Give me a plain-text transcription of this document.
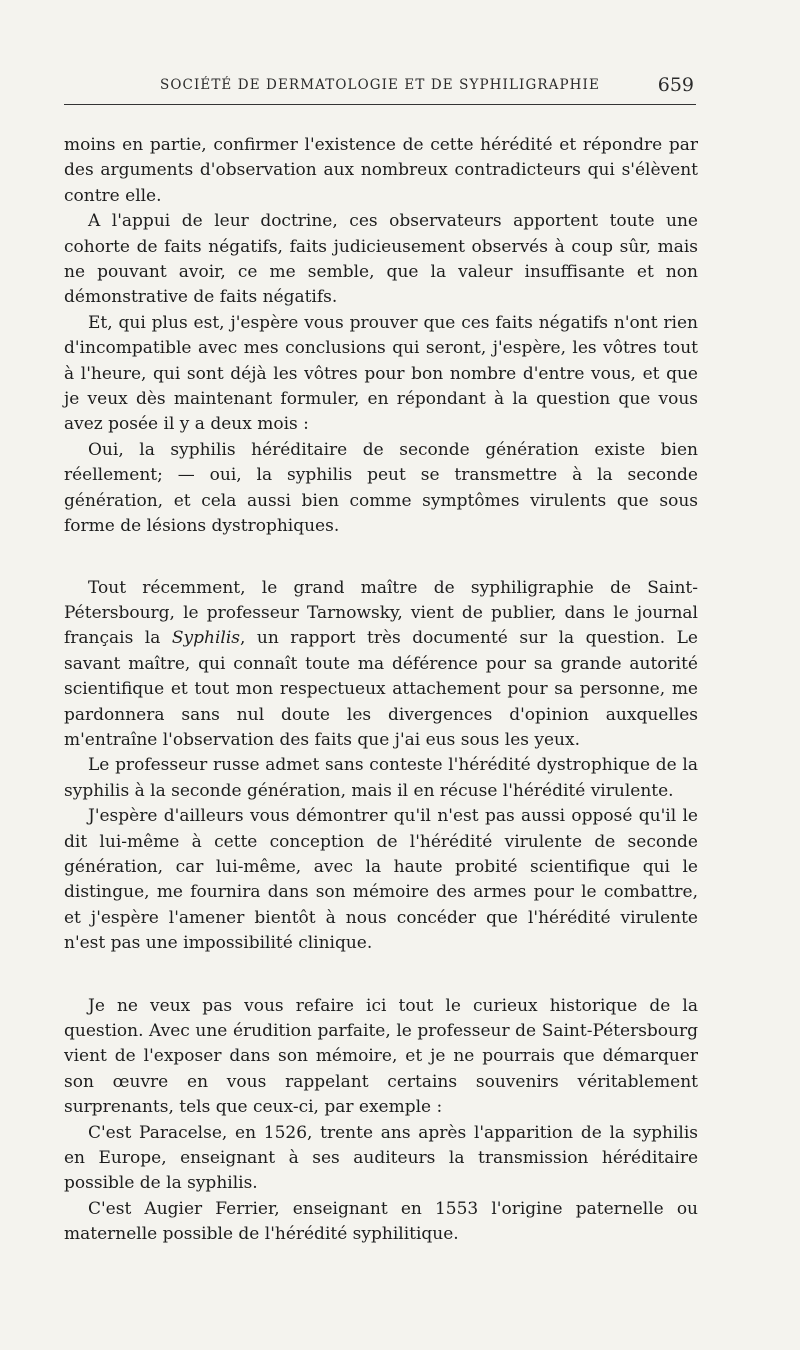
SOCIÉTÉ DE DERMATOLOGIE ET DE SYPHILIGRAPHIE	659

moins en partie, confirmer l'existence de cette hérédité et répondre par des arguments d'observation aux nombreux contradicteurs qui s'élèvent contre elle.

A l'appui de leur doctrine, ces observateurs apportent toute une cohorte de faits négatifs, faits judicieusement observés à coup sûr, mais ne pouvant avoir, ce me semble, que la valeur insuffisante et non démonstrative de faits négatifs.

Et, qui plus est, j'espère vous prouver que ces faits négatifs n'ont rien d'incompatible avec mes conclusions qui seront, j'espère, les vôtres tout à l'heure, qui sont déjà les vôtres pour bon nombre d'entre vous, et que je veux dès maintenant formuler, en répondant à la question que vous avez posée il y a deux mois :

Oui, la syphilis héréditaire de seconde génération existe bien réellement; — oui, la syphilis peut se transmettre à la seconde génération, et cela aussi bien comme symptômes virulents que sous forme de lésions dystrophiques.

Tout récemment, le grand maître de syphiligraphie de Saint-Pétersbourg, le professeur Tarnowsky, vient de publier, dans le journal français la Syphilis, un rapport très documenté sur la question. Le savant maître, qui connaît toute ma déférence pour sa grande autorité scientifique et tout mon respectueux attachement pour sa personne, me pardonnera sans nul doute les divergences d'opinion auxquelles m'entraîne l'observation des faits que j'ai eus sous les yeux.

Le professeur russe admet sans conteste l'hérédité dystrophique de la syphilis à la seconde génération, mais il en récuse l'hérédité virulente.

J'espère d'ailleurs vous démontrer qu'il n'est pas aussi opposé qu'il le dit lui-même à cette conception de l'hérédité virulente de seconde génération, car lui-même, avec la haute probité scientifique qui le distingue, me fournira dans son mémoire des armes pour le combattre, et j'espère l'amener bientôt à nous concéder que l'hérédité virulente n'est pas une impossibilité clinique.

Je ne veux pas vous refaire ici tout le curieux historique de la question. Avec une érudition parfaite, le professeur de Saint-Pétersbourg vient de l'exposer dans son mémoire, et je ne pourrais que démarquer son œuvre en vous rappelant certains souvenirs véritablement surprenants, tels que ceux-ci, par exemple :

C'est Paracelse, en 1526, trente ans après l'apparition de la syphilis en Europe, enseignant à ses auditeurs la transmission héréditaire possible de la syphilis.

C'est Augier Ferrier, enseignant en 1553 l'origine paternelle ou maternelle possible de l'hérédité syphilitique.
